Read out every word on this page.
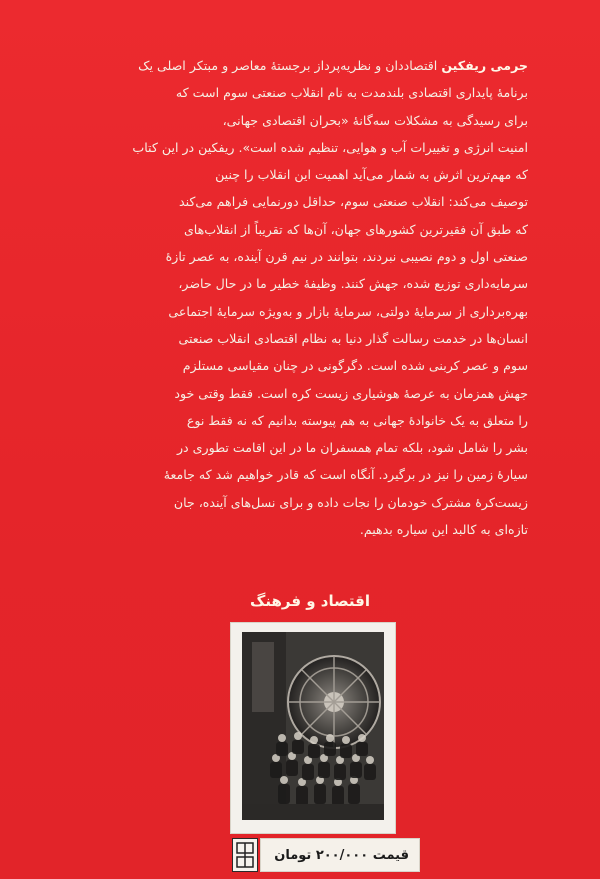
جرمی ریفکین اقتصاددان و نظریه‌پرداز برجستهٔ معاصر و مبتکر اصلی یک
برنامهٔ پایداری اقتصادی بلندمدت به نام انقلاب صنعتی سوم است که
برای رسیدگی به مشکلات سه‌گانهٔ «بحران اقتصادی جهانی،
امنیت انرژی و تغییرات آب و هوایی، تنظیم شده است». ریفکین در این کتاب
که مهم‌ترین اثرش به شمار می‌آید اهمیت این انقلاب را چنین
توصیف می‌کند: انقلاب صنعتی سوم، حداقل دورنمایی فراهم می‌کند
که طبق آن فقیرترین کشورهای جهان، آن‌ها که تقریباً از انقلاب‌های
صنعتی اول و دوم نصیبی نبردند، بتوانند در نیم قرن آینده، به عصر تازهٔ
سرمایه‌داری توزیع شده، جهش کنند. وظیفهٔ خطیر ما در حال حاضر،
بهره‌برداری از سرمایهٔ دولتی، سرمایهٔ بازار و به‌ویژه سرمایهٔ اجتماعی
انسان‌ها در خدمت رسالت گذار دنیا به نظام اقتصادی انقلاب صنعتی
سوم و عصر کربنی شده است. دگرگونی در چنان مقیاسی مستلزم
جهش همزمان به عرصهٔ هوشیاری زیست کره است. فقط وقتی خود
را متعلق به یک خانوادهٔ جهانی به هم پیوسته بدانیم که نه فقط نوع
بشر را شامل شود، بلکه تمام همسفران ما در این اقامت تطوری در
سیارهٔ زمین را نیز در برگیرد. آنگاه است که قادر خواهیم شد که جامعهٔ
زیست‌کرهٔ مشترک خودمان را نجات داده و برای نسل‌های آینده، جان
تازه‌ای به کالبد این سیاره بدهیم.
اقتصاد و فرهنگ
قیمت ۲۰۰/۰۰۰ تومان
